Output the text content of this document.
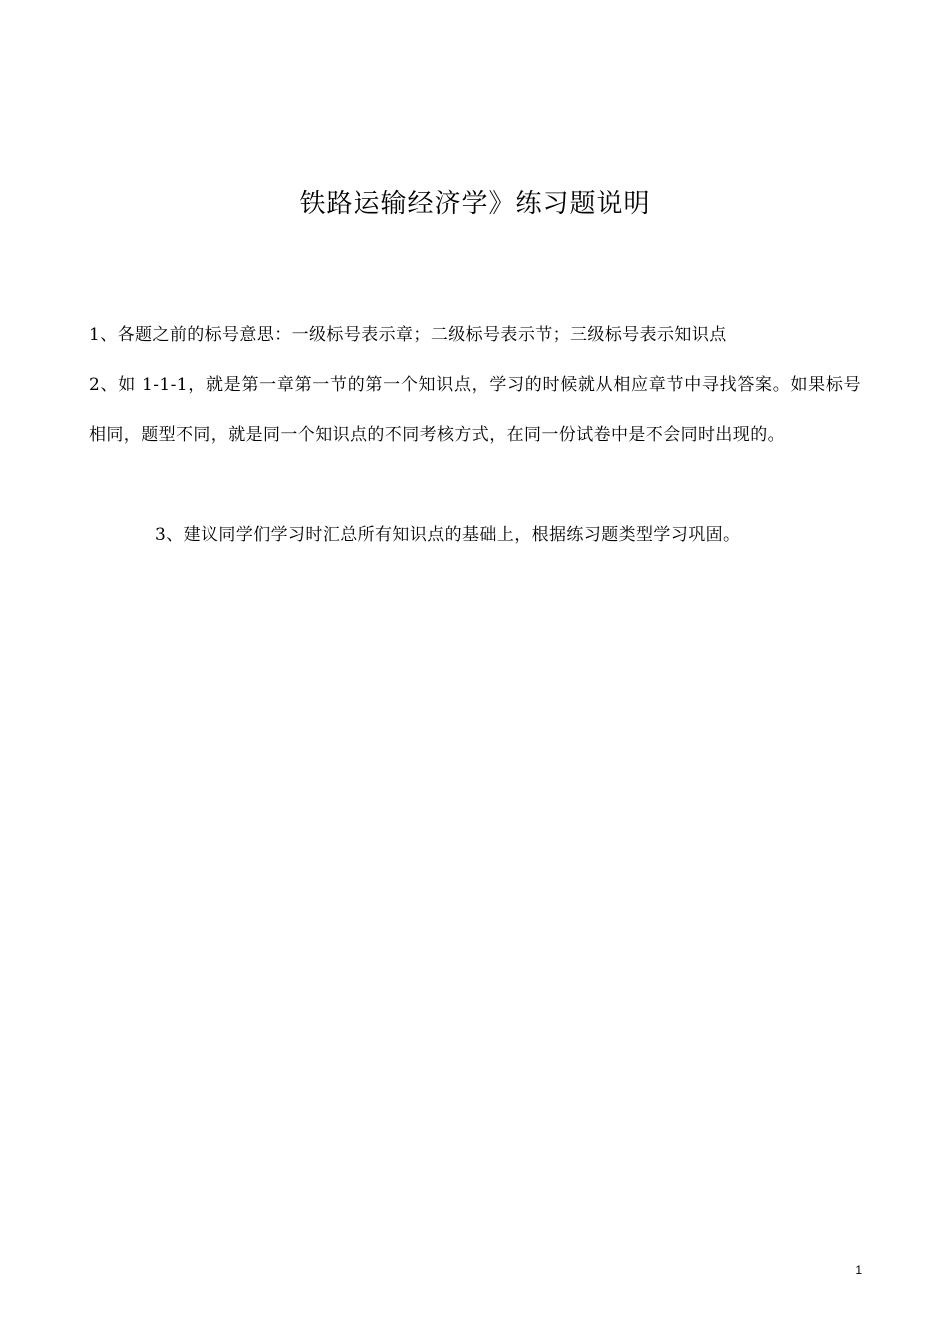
铁路运输经济学》练习题说明

1、各题之前的标号意思：一级标号表示章；二级标号表示节；三级标号表示知识点

2、如 1-1-1，就是第一章第一节的第一个知识点，学习的时候就从相应章节中寻找答案。如果标号相同，题型不同，就是同一个知识点的不同考核方式，在同一份试卷中是不会同时出现的。

3、建议同学们学习时汇总所有知识点的基础上，根据练习题类型学习巩固。

1
